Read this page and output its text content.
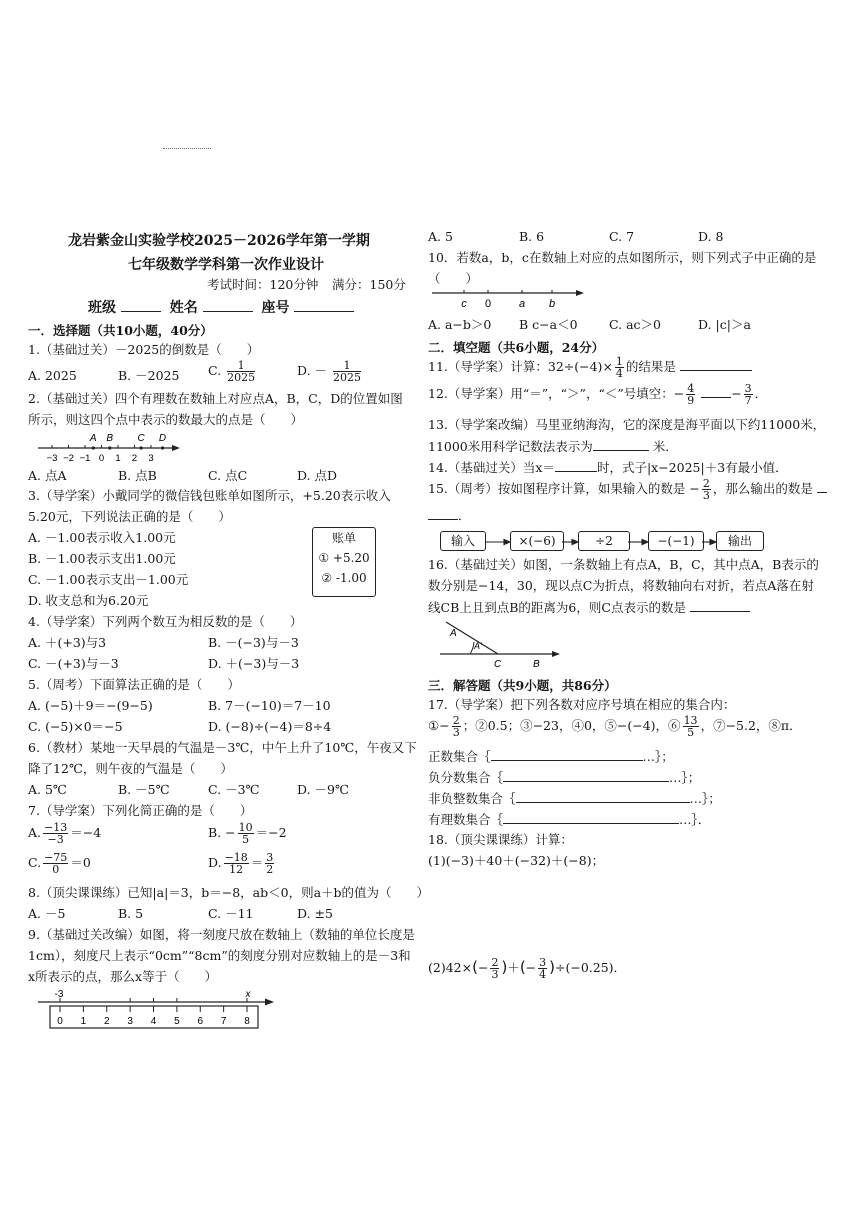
龙岩紫金山实验学校2025－2026学年第一学期
七年级数学学科第一次作业设计
考试时间：120分钟 满分：150分
班级	姓名	座号
一．选择题（共10小题，40分）
1.（基础过关）－2025的倒数是（　　）
A. 2025	B. －2025 C. $\frac{1}{2025}$	D. － $\frac{1}{2025}$
2.（基础过关）四个有理数在数轴上对应点A，B，C，D的位置如图
所示，则这四个点中表示的数最大的点是（　　）
−3 −2 −1 0 1 2 3
A B C D
A. 点A	B. 点B	C. 点C	D. 点D
3.（导学案）小戴同学的微信钱包账单如图所示，+5.20表示收入
5.20元，下列说法正确的是（　　）
A. －1.00表示收入1.00元
B. －1.00表示支出1.00元
C. －1.00表示支出－1.00元
D. 收支总和为6.20元
账单
① +5.20
② -1.00
4.（导学案）下列两个数互为相反数的是（　　）
A. ＋(+3)与3	B. －(−3)与－3
C. －(+3)与－3	D. ＋(−3)与－3
5.（周考）下面算法正确的是（　　）
A. (−5)＋9＝−(9−5)	B. 7－(−10)＝7－10
C. (−5)×0＝−5	D. (−8)÷(−4)＝8÷4
6.（教材）某地一天早晨的气温是－3℃，中午上升了10℃，午夜又下
降了12℃，则午夜的气温是（　　）
A. 5℃	B. －5℃	C. －3℃	D. －9℃
7.（导学案）下列化简正确的是（　　）
A. $\frac{-13}{-3} =-4$	B. − $\frac{10}{5} =-2$
C. $\frac{-75}{0} =0$	D. $\frac{-18}{12} = \frac{3}{2}$
8.（顶尖课课练）已知|a|＝3，b＝−8，ab＜0，则a＋b的值为（　　）
A. －5	B. 5	C. －11	D. ±5
9.（基础过关改编）如图，将一刻度尺放在数轴上（数轴的单位长度是
1cm），刻度尺上表示“0cm”“8cm”的刻度分别对应数轴上的是－3和
x所表示的点，那么x等于（　　）
-3	x
0 1 2 3 4 5 6 7 8
A. 5	B. 6	C. 7	D. 8
10．若数a，b，c在数轴上对应的点如图所示，则下列式子中正确的是
（　　）
c 0	a b
A. a−b＞0 B c−a＜0	C. ac＞0	D. |c|＞a
二．填空题（共6小题，24分）
11.（导学案）计算：$32\div(-4)\times \frac{1}{4}$ 的结果是
12.（导学案）用“＝”，“＞”，“＜”号填空：− $\frac{4}{9}$	− $\frac{3}{7}$ ．
13.（导学案改编）马里亚纳海沟，它的深度是海平面以下约11000米，
11000米用科学记数法表示为	米．
14.（基础过关）当x＝	时，式子|x−2025|＋3有最小值．
15.（周考）按如图程序计算，如果输入的数是 − $\frac{2}{3}$ ，那么输出的数是
．
输入	×(−6)	÷2	−(−1)	输出
16.（基础过关）如图，一条数轴上有点A，B，C，其中点A，B表示的
数分别是−14，30，现以点C为折点，将数轴向右对折，若点A落在射
线CB上且到点B的距离为6，则C点表示的数是
A
A'
C	B
三．解答题（共9小题，共86分）
17.（导学案）把下列各数对应序号填在相应的集合内：
①− $\frac{2}{3}$ ；②0.5；③−23，④0，⑤−(−4)，⑥ $\frac{13}{5}$ ，⑦−5.2，⑧π．
正数集合｛	…｝；
负分数集合｛	…｝；
非负整数集合｛	…｝；
有理数集合｛	…｝．
18.（顶尖课课练）计算：
(1)(−3)＋40＋(−32)＋(−8)；
$(2)42\times(- \frac{2}{3}$ )＋(− $\frac{3}{4} )\div(-0.25)$．
